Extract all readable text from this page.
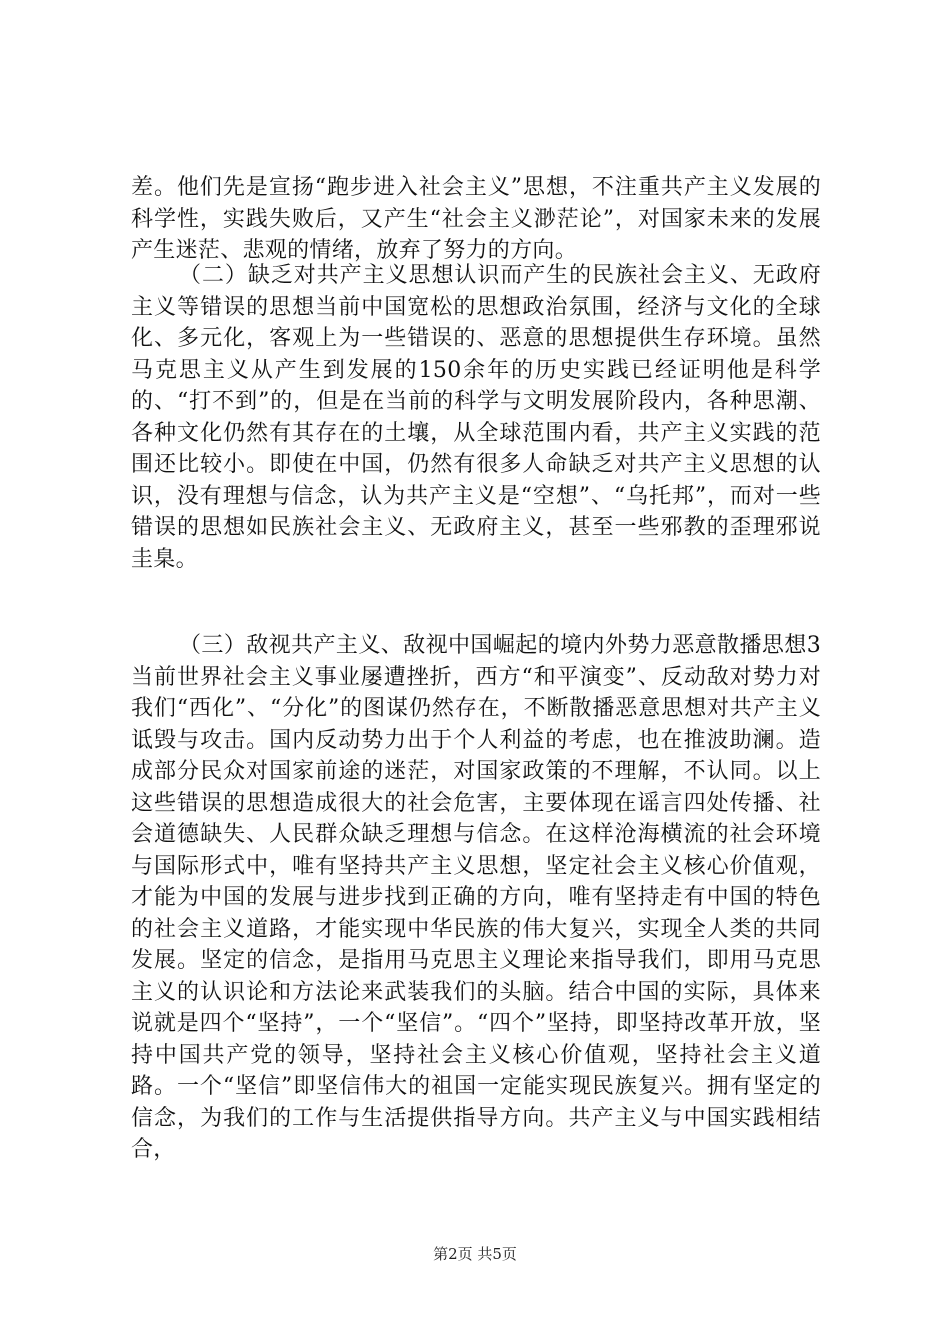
差。他们先是宣扬“跑步进入社会主义”思想，不注重共产主义发展的科学性，实践失败后，又产生“社会主义渺茫论”，对国家未来的发展产生迷茫、悲观的情绪，放弃了努力的方向。

（二）缺乏对共产主义思想认识而产生的民族社会主义、无政府主义等错误的思想当前中国宽松的思想政治氛围，经济与文化的全球化、多元化，客观上为一些错误的、恶意的思想提供生存环境。虽然马克思主义从产生到发展的150余年的历史实践已经证明他是科学的、“打不到”的，但是在当前的科学与文明发展阶段内，各种思潮、各种文化仍然有其存在的土壤，从全球范围内看，共产主义实践的范围还比较小。即使在中国，仍然有很多人命缺乏对共产主义思想的认识，没有理想与信念，认为共产主义是“空想”、“乌托邦”，而对一些错误的思想如民族社会主义、无政府主义，甚至一些邪教的歪理邪说圭臬。

（三）敌视共产主义、敌视中国崛起的境内外势力恶意散播思想3当前世界社会主义事业屡遭挫折，西方“和平演变”、反动敌对势力对我们“西化”、“分化”的图谋仍然存在，不断散播恶意思想对共产主义诋毁与攻击。国内反动势力出于个人利益的考虑，也在推波助澜。造成部分民众对国家前途的迷茫，对国家政策的不理解，不认同。以上这些错误的思想造成很大的社会危害，主要体现在谣言四处传播、社会道德缺失、人民群众缺乏理想与信念。在这样沧海横流的社会环境与国际形式中，唯有坚持共产主义思想，坚定社会主义核心价值观，才能为中国的发展与进步找到正确的方向，唯有坚持走有中国的特色的社会主义道路，才能实现中华民族的伟大复兴，实现全人类的共同发展。坚定的信念，是指用马克思主义理论来指导我们，即用马克思主义的认识论和方法论来武装我们的头脑。结合中国的实际，具体来说就是四个“坚持”，一个“坚信”。“四个”坚持，即坚持改革开放，坚持中国共产党的领导，坚持社会主义核心价值观，坚持社会主义道路。一个“坚信”即坚信伟大的祖国一定能实现民族复兴。拥有坚定的信念，为我们的工作与生活提供指导方向。共产主义与中国实践相结合，

第2页 共5页
